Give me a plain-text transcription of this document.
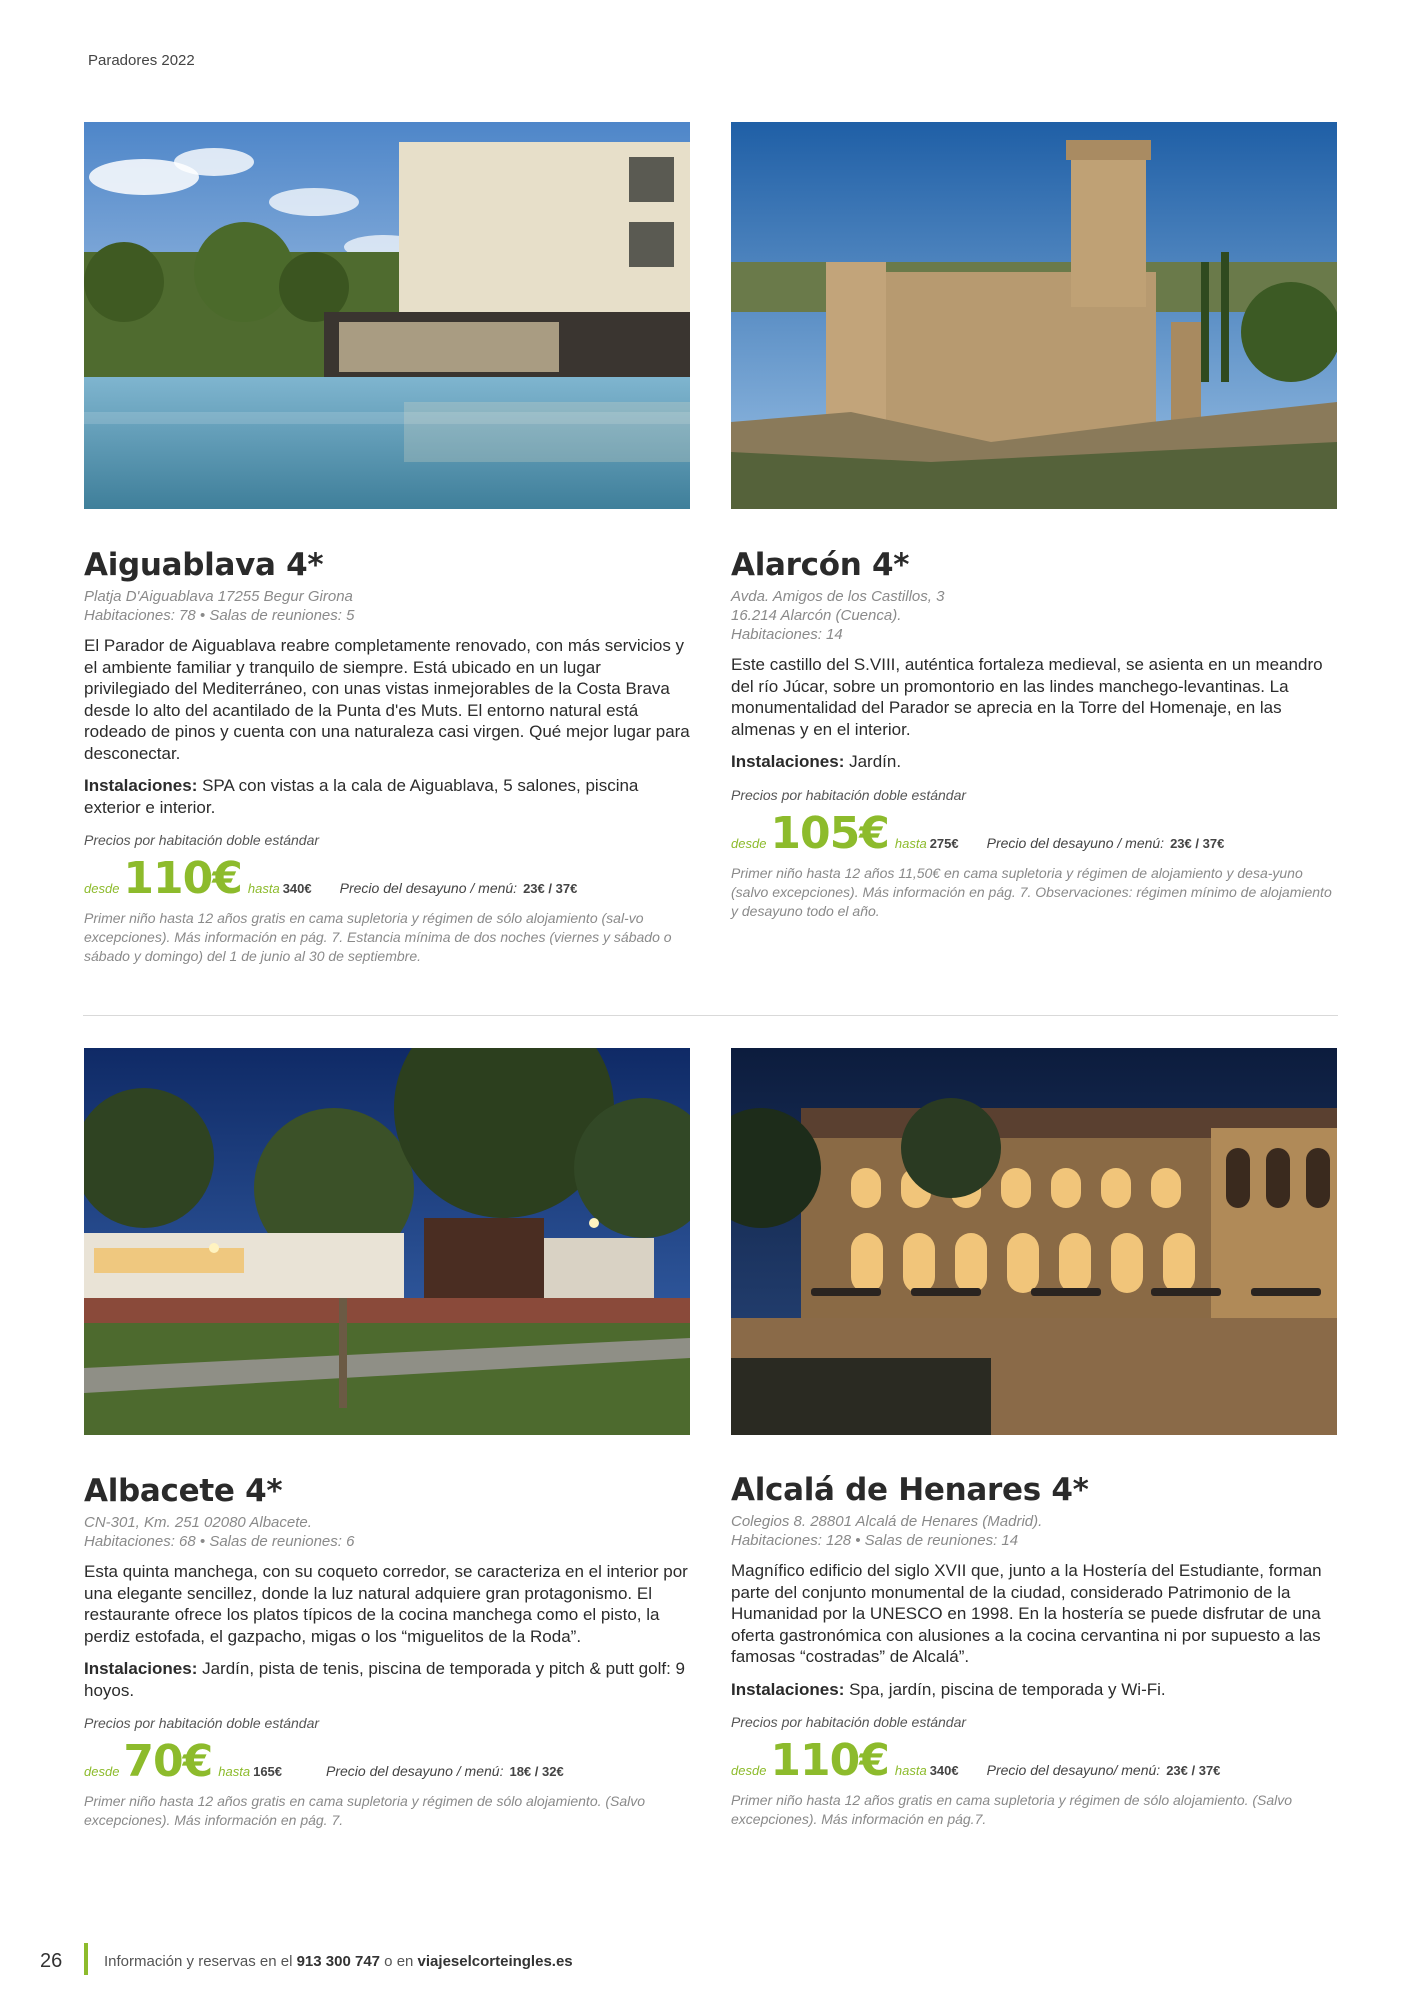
Paradores 2022
Aiguablava 4*
Platja D'Aiguablava 17255 Begur Girona
Habitaciones: 78 • Salas de reuniones: 5
El Parador de Aiguablava reabre completamente renovado, con más servicios y el ambiente familiar y tranquilo de siempre. Está ubicado en un lugar privilegiado del Mediterráneo, con unas vistas inmejorables de la Costa Brava desde lo alto del acantilado de la Punta d'es Muts. El entorno natural está rodeado de pinos y cuenta con una naturaleza casi virgen. Qué mejor lugar para desconectar.
Instalaciones: SPA con vistas a la cala de Aiguablava, 5 salones, piscina exterior e interior.
Precios por habitación doble estándar
desde 110€ hasta 340€ Precio del desayuno / menú: 23€ / 37€
Primer niño hasta 12 años gratis en cama supletoria y régimen de sólo alojamiento (sal-vo excepciones). Más información en pág. 7. Estancia mínima de dos noches (viernes y sábado o sábado y domingo) del 1 de junio al 30 de septiembre.
Alarcón 4*
Avda. Amigos de los Castillos, 3
16.214 Alarcón (Cuenca).
Habitaciones: 14
Este castillo del S.VIII, auténtica fortaleza medieval, se asienta en un meandro del río Júcar, sobre un promontorio en las lindes manchego-levantinas. La monumentalidad del Parador se aprecia en la Torre del Homenaje, en las almenas y en el interior.
Instalaciones: Jardín.
Precios por habitación doble estándar
desde 105€ hasta 275€ Precio del desayuno / menú: 23€ / 37€
Primer niño hasta 12 años 11,50€ en cama supletoria y régimen de alojamiento y desa-yuno (salvo excepciones). Más información en pág. 7. Observaciones: régimen mínimo de alojamiento y desayuno todo el año.
Albacete 4*
CN-301, Km. 251 02080 Albacete.
Habitaciones: 68 • Salas de reuniones: 6
Esta quinta manchega, con su coqueto corredor, se caracteriza en el interior por una elegante sencillez, donde la luz natural adquiere gran protagonismo. El restaurante ofrece los platos típicos de la cocina manchega como el pisto, la perdiz estofada, el gazpacho, migas o los “miguelitos de la Roda”.
Instalaciones: Jardín, pista de tenis, piscina de temporada y pitch & putt golf: 9 hoyos.
Precios por habitación doble estándar
desde 70€ hasta 165€	Precio del desayuno / menú: 18€ / 32€
Primer niño hasta 12 años gratis en cama supletoria y régimen de sólo alojamiento. (Salvo excepciones). Más información en pág. 7.
Alcalá de Henares 4*
Colegios 8. 28801 Alcalá de Henares (Madrid).
Habitaciones: 128 • Salas de reuniones: 14
Magnífico edificio del siglo XVII que, junto a la Hostería del Estudiante, forman parte del conjunto monumental de la ciudad, considerado Patrimonio de la Humanidad por la UNESCO en 1998. En la hostería se puede disfrutar de una oferta gastronómica con alusiones a la cocina cervantina ni por supuesto a las famosas “costradas” de Alcalá”.
Instalaciones: Spa, jardín, piscina de temporada y Wi-Fi.
Precios por habitación doble estándar
desde 110€ hasta 340€ Precio del desayuno/ menú: 23€ / 37€
Primer niño hasta 12 años gratis en cama supletoria y régimen de sólo alojamiento. (Salvo excepciones). Más información en pág.7.
26	Información y reservas en el 913 300 747 o en viajeselcorteingles.es
